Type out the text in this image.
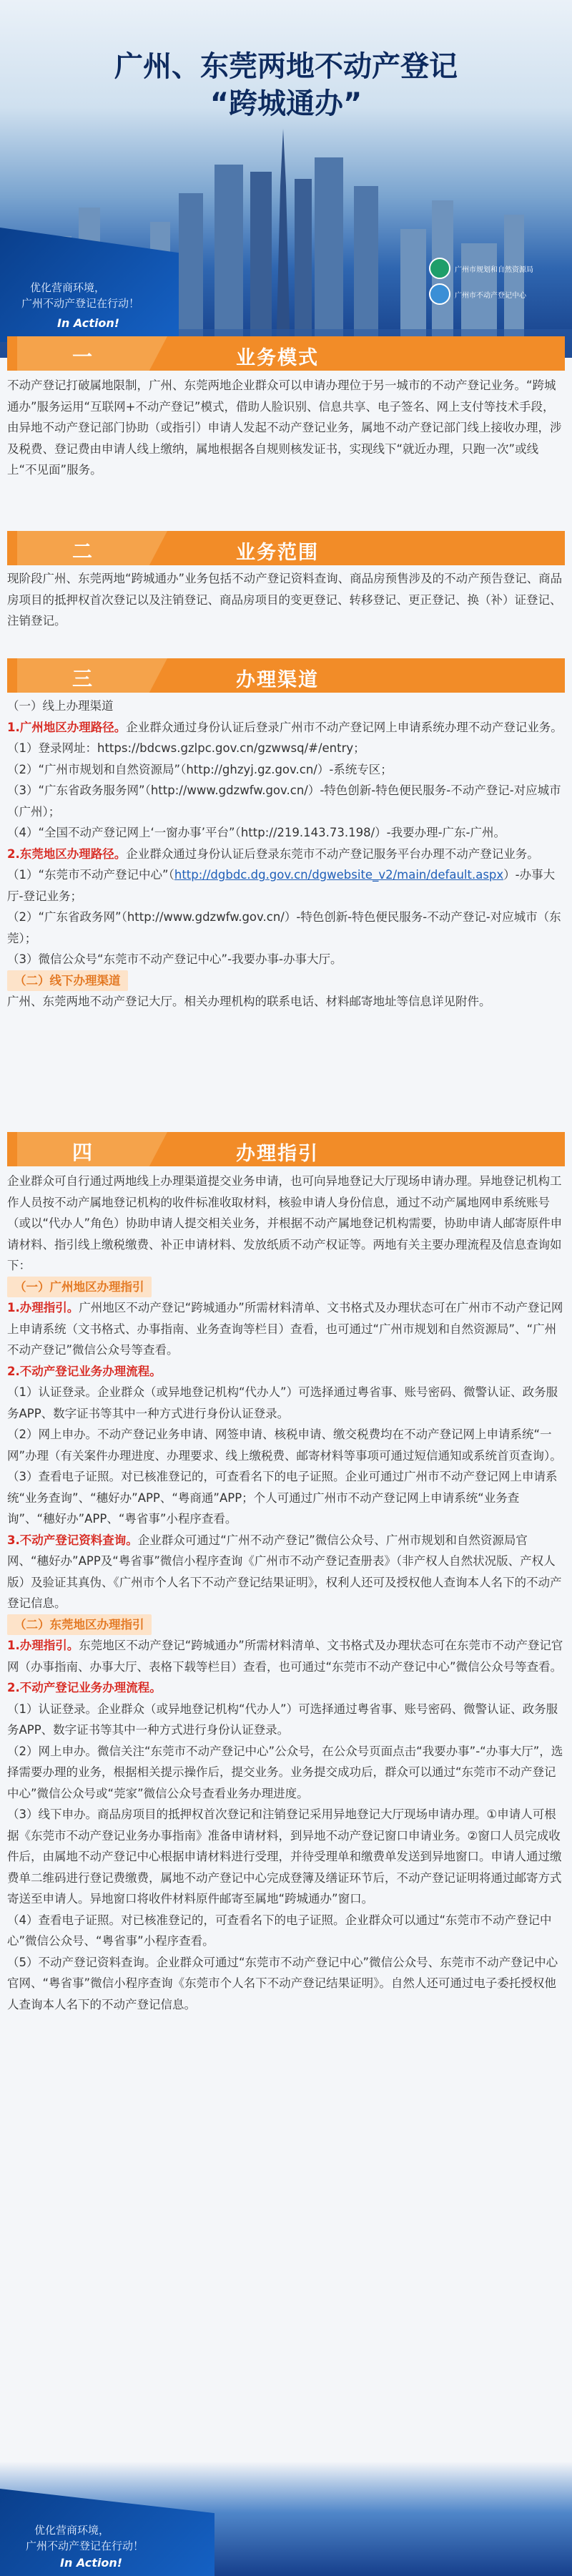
广州、东莞两地不动产登记
“跨城通办”
优化营商环境，
广州不动产登记在行动！
In Action!
广州市规划和自然资源局
广州市不动产登记中心
一	业务模式

不动产登记打破属地限制，广州、东莞两地企业群众可以申请办理位于另一城市的不动产登记业务。“跨城通办”服务运用“互联网+不动产登记”模式，借助人脸识别、信息共享、电子签名、网上支付等技术手段，由异地不动产登记部门协助（或指引）申请人发起不动产登记业务，属地不动产登记部门线上接收办理，涉及税费、登记费由申请人线上缴纳，属地根据各自规则核发证书，实现线下“就近办理，只跑一次”或线上“不见面”服务。

二	业务范围

现阶段广州、东莞两地“跨城通办”业务包括不动产登记资料查询、商品房预售涉及的不动产预告登记、商品房项目的抵押权首次登记以及注销登记、商品房项目的变更登记、转移登记、更正登记、换（补）证登记、注销登记。

三	办理渠道

（一）线上办理渠道

1.广州地区办理路径。企业群众通过身份认证后登录广州市不动产登记网上申请系统办理不动产登记业务。

（1）登录网址：https://bdcws.gzlpc.gov.cn/gzwwsq/#/entry；

（2）“广州市规划和自然资源局”（http://ghzyj.gz.gov.cn/）-系统专区；

（3）“广东省政务服务网”（http://www.gdzwfw.gov.cn/）-特色创新-特色便民服务-不动产登记-对应城市（广州）；

（4）“全国不动产登记网上‘一窗办事’平台”（http://219.143.73.198/）-我要办理-广东-广州。

2.东莞地区办理路径。企业群众通过身份认证后登录东莞市不动产登记服务平台办理不动产登记业务。

（1）“东莞市不动产登记中心”（http://dgbdc.dg.gov.cn/dgwebsite_v2/main/default.aspx）-办事大厅-登记业务；

（2）“广东省政务网”（http://www.gdzwfw.gov.cn/）-特色创新-特色便民服务-不动产登记-对应城市（东莞）；

（3）微信公众号“东莞市不动产登记中心”-我要办事-办事大厅。

（二）线下办理渠道

广州、东莞两地不动产登记大厅。相关办理机构的联系电话、材料邮寄地址等信息详见附件。

四	办理指引

企业群众可自行通过两地线上办理渠道提交业务申请，也可向异地登记大厅现场申请办理。异地登记机构工作人员按不动产属地登记机构的收件标准收取材料，核验申请人身份信息，通过不动产属地网申系统账号（或以“代办人”角色）协助申请人提交相关业务，并根据不动产属地登记机构需要，协助申请人邮寄原件申请材料、指引线上缴税缴费、补正申请材料、发放纸质不动产权证等。两地有关主要办理流程及信息查询如下：

（一）广州地区办理指引

1.办理指引。广州地区不动产登记“跨城通办”所需材料清单、文书格式及办理状态可在广州市不动产登记网上申请系统（文书格式、办事指南、业务查询等栏目）查看，也可通过“广州市规划和自然资源局”、“广州不动产登记”微信公众号等查看。

2.不动产登记业务办理流程。

（1）认证登录。企业群众（或异地登记机构“代办人”）可选择通过粤省事、账号密码、微警认证、政务服务APP、数字证书等其中一种方式进行身份认证登录。

（2）网上申办。不动产登记业务申请、网签申请、核税申请、缴交税费均在不动产登记网上申请系统“一网”办理（有关案件办理进度、办理要求、线上缴税费、邮寄材料等事项可通过短信通知或系统首页查询）。

（3）查看电子证照。对已核准登记的，可查看名下的电子证照。企业可通过广州市不动产登记网上申请系统“业务查询”、“穗好办”APP、“粤商通”APP；个人可通过广州市不动产登记网上申请系统“业务查询”、“穗好办”APP、“粤省事”小程序查看。

3.不动产登记资料查询。企业群众可通过“广州不动产登记”微信公众号、广州市规划和自然资源局官网、“穗好办”APP及“粤省事”微信小程序查询《广州市不动产登记查册表》（非产权人自然状况版、产权人版）及验证其真伪、《广州市个人名下不动产登记结果证明》，权利人还可及授权他人查询本人名下的不动产登记信息。

（二）东莞地区办理指引

1.办理指引。东莞地区不动产登记“跨城通办”所需材料清单、文书格式及办理状态可在东莞市不动产登记官网（办事指南、办事大厅、表格下载等栏目）查看，也可通过“东莞市不动产登记中心”微信公众号等查看。

2.不动产登记业务办理流程。

（1）认证登录。企业群众（或异地登记机构“代办人”）可选择通过粤省事、账号密码、微警认证、政务服务APP、数字证书等其中一种方式进行身份认证登录。

（2）网上申办。微信关注“东莞市不动产登记中心”公众号，在公众号页面点击“我要办事”-“办事大厅”，选择需要办理的业务，根据相关提示操作后，提交业务。业务提交成功后，群众可以通过“东莞市不动产登记中心”微信公众号或“莞家”微信公众号查看业务办理进度。

（3）线下申办。商品房项目的抵押权首次登记和注销登记采用异地登记大厅现场申请办理。①申请人可根据《东莞市不动产登记业务办事指南》准备申请材料，到异地不动产登记窗口申请业务。②窗口人员完成收件后，由属地不动产登记中心根据申请材料进行受理，并待受理单和缴费单发送到异地窗口。申请人通过缴费单二维码进行登记费缴费，属地不动产登记中心完成登簿及缮证环节后，不动产登记证明将通过邮寄方式寄送至申请人。异地窗口将收件材料原件邮寄至属地“跨城通办”窗口。

（4）查看电子证照。对已核准登记的，可查看名下的电子证照。企业群众可以通过“东莞市不动产登记中心”微信公众号、“粤省事”小程序查看。

（5）不动产登记资料查询。企业群众可通过“东莞市不动产登记中心”微信公众号、东莞市不动产登记中心官网、“粤省事”微信小程序查询《东莞市个人名下不动产登记结果证明》。自然人还可通过电子委托授权他人查询本人名下的不动产登记信息。

优化营商环境，
广州不动产登记在行动！
In Action!
